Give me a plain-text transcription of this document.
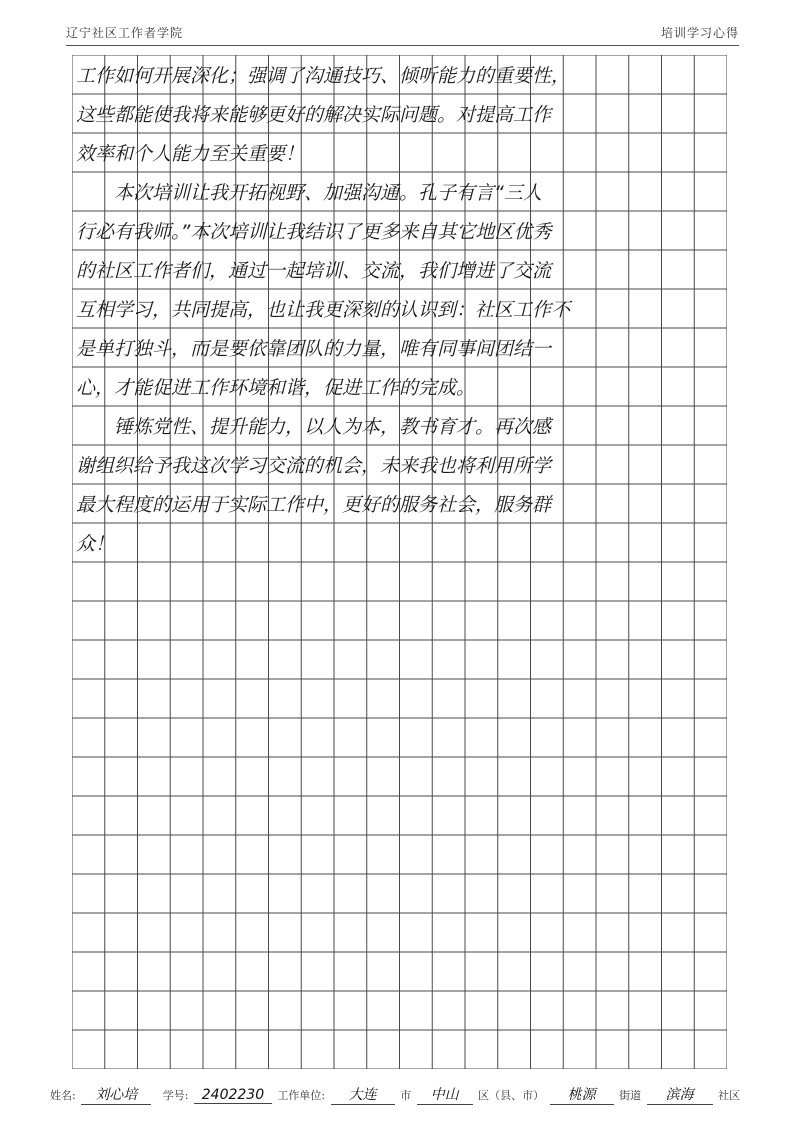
辽宁社区工作者学院	培训学习心得
工作如何开展深化；强调了沟通技巧、倾听能力的重要性，
这些都能使我将来能够更好的解决实际问题。对提高工作
效率和个人能力至关重要！
　　本次培训让我开拓视野、加强沟通。孔子有言“三人
行必有我师。”本次培训让我结识了更多来自其它地区优秀
的社区工作者们，通过一起培训、交流，我们增进了交流
互相学习，共同提高，也让我更深刻的认识到：社区工作不
是单打独斗，而是要依靠团队的力量，唯有同事间团结一
心，才能促进工作环境和谐，促进工作的完成。
　　锤炼党性、提升能力，以人为本，教书育才。再次感
谢组织给予我这次学习交流的机会，未来我也将利用所学
最大程度的运用于实际工作中，更好的服务社会，服务群
众！
姓名: 刘心培 学号: 2402230 工作单位: 大连 市 中山 区（县、市） 桃源 街道 滨海 社区
